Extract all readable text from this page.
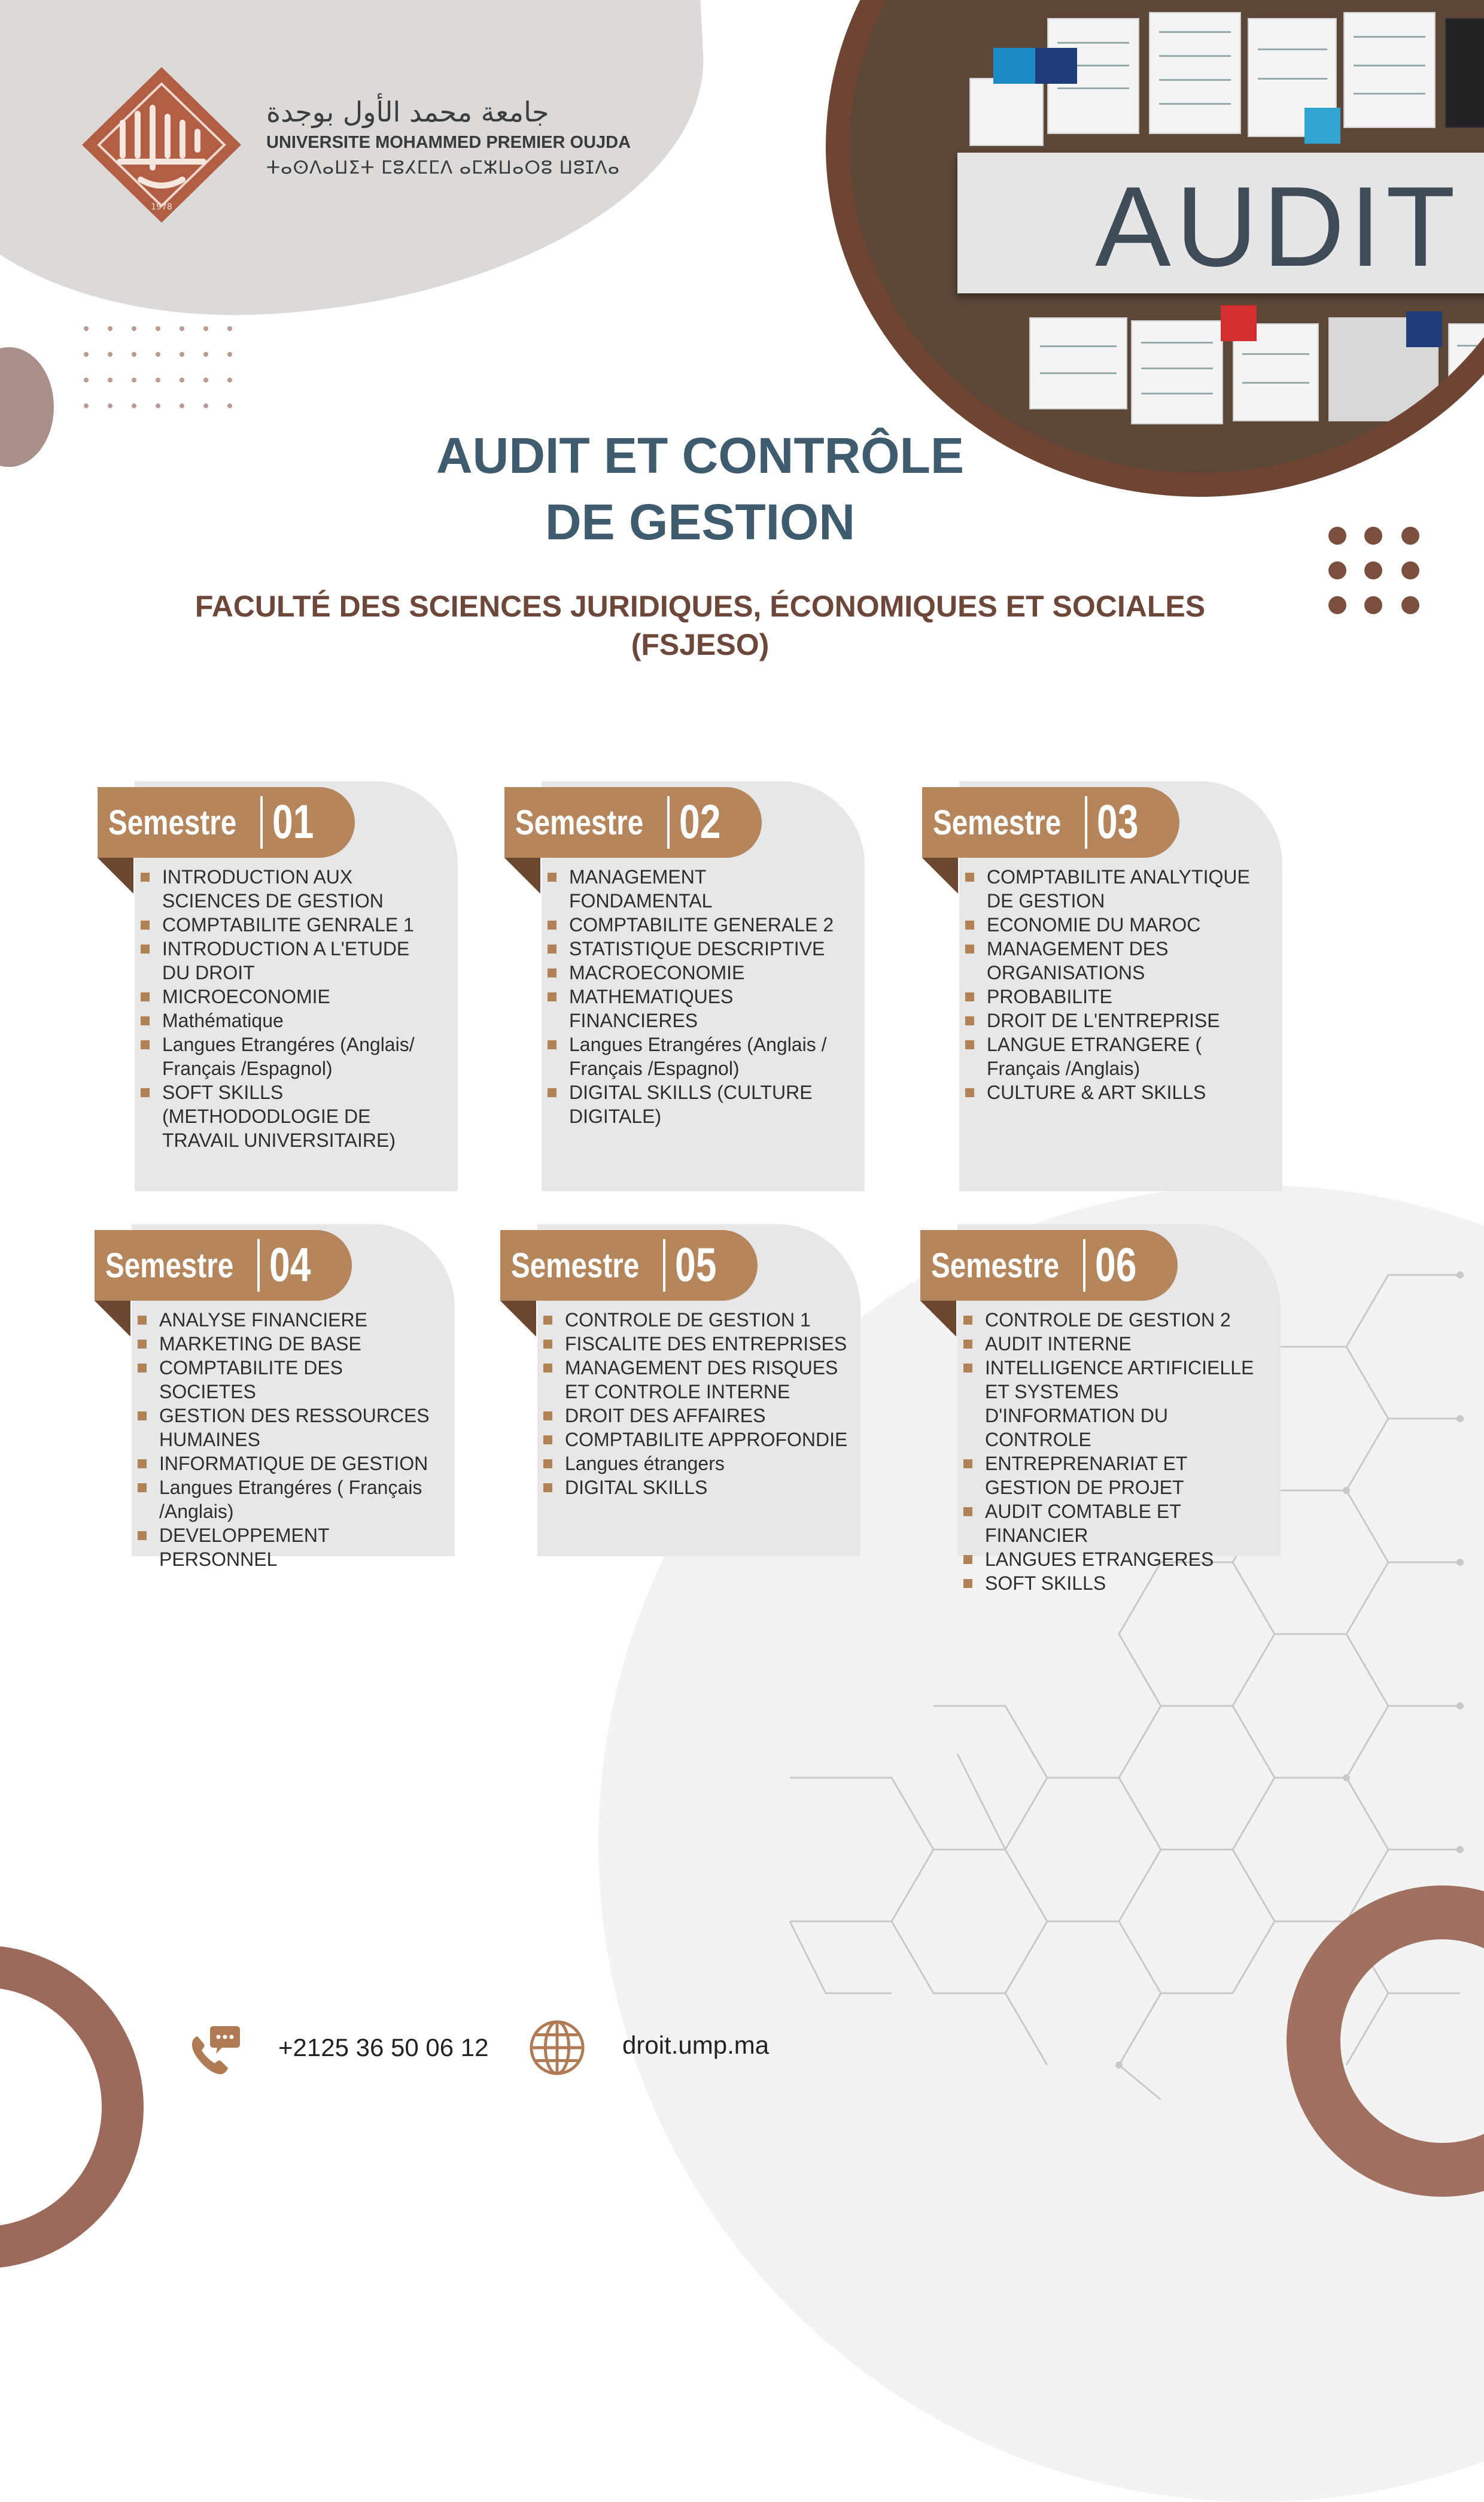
1978
جامعة محمد الأول بوجدة
UNIVERSITE MOHAMMED PREMIER OUJDA
ⵜⴰⵙⴷⴰⵡⵉⵜ ⵎⵓⵃⵎⵎⴷ ⴰⵎⵣⵡⴰⵔⵓ ⵡⵓⵊⴷⴰ	AUDIT
AUDIT ET CONTRÔLE
DE GESTION
FACULTÉ DES SCIENCES JURIDIQUES, ÉCONOMIQUES ET SOCIALES
(FSJESO)
Semestre 01
INTRODUCTION AUX SCIENCES DE GESTION
COMPTABILITE GENRALE 1
INTRODUCTION A L'ETUDE DU DROIT
MICROECONOMIE
Mathématique
Langues Etrangéres (Anglais/ Français /Espagnol)
SOFT SKILLS (METHODODLOGIE DE TRAVAIL UNIVERSITAIRE)
Semestre 02
MANAGEMENT FONDAMENTAL
COMPTABILITE GENERALE 2
STATISTIQUE DESCRIPTIVE
MACROECONOMIE
MATHEMATIQUES FINANCIERES
Langues Etrangéres (Anglais / Français /Espagnol)
DIGITAL SKILLS (CULTURE DIGITALE)
Semestre 03
COMPTABILITE ANALYTIQUE DE GESTION
ECONOMIE DU MAROC
MANAGEMENT DES ORGANISATIONS
PROBABILITE
DROIT DE L'ENTREPRISE
LANGUE ETRANGERE ( Français /Anglais)
CULTURE & ART SKILLS
Semestre 04
ANALYSE FINANCIERE
MARKETING DE BASE
COMPTABILITE DES SOCIETES
GESTION DES RESSOURCES HUMAINES
INFORMATIQUE DE GESTION
Langues Etrangéres ( Français /Anglais)
DEVELOPPEMENT PERSONNEL
Semestre 05
CONTROLE DE GESTION 1
FISCALITE DES ENTREPRISES
MANAGEMENT DES RISQUES ET CONTROLE INTERNE
DROIT DES AFFAIRES
COMPTABILITE APPROFONDIE
Langues étrangers
DIGITAL SKILLS
Semestre 06
CONTROLE DE GESTION 2
AUDIT INTERNE
INTELLIGENCE ARTIFICIELLE ET SYSTEMES D'INFORMATION DU CONTROLE
ENTREPRENARIAT ET GESTION DE PROJET
AUDIT COMTABLE ET FINANCIER
LANGUES ETRANGERES
SOFT SKILLS
+2125 36 50 06 12	droit.ump.ma
